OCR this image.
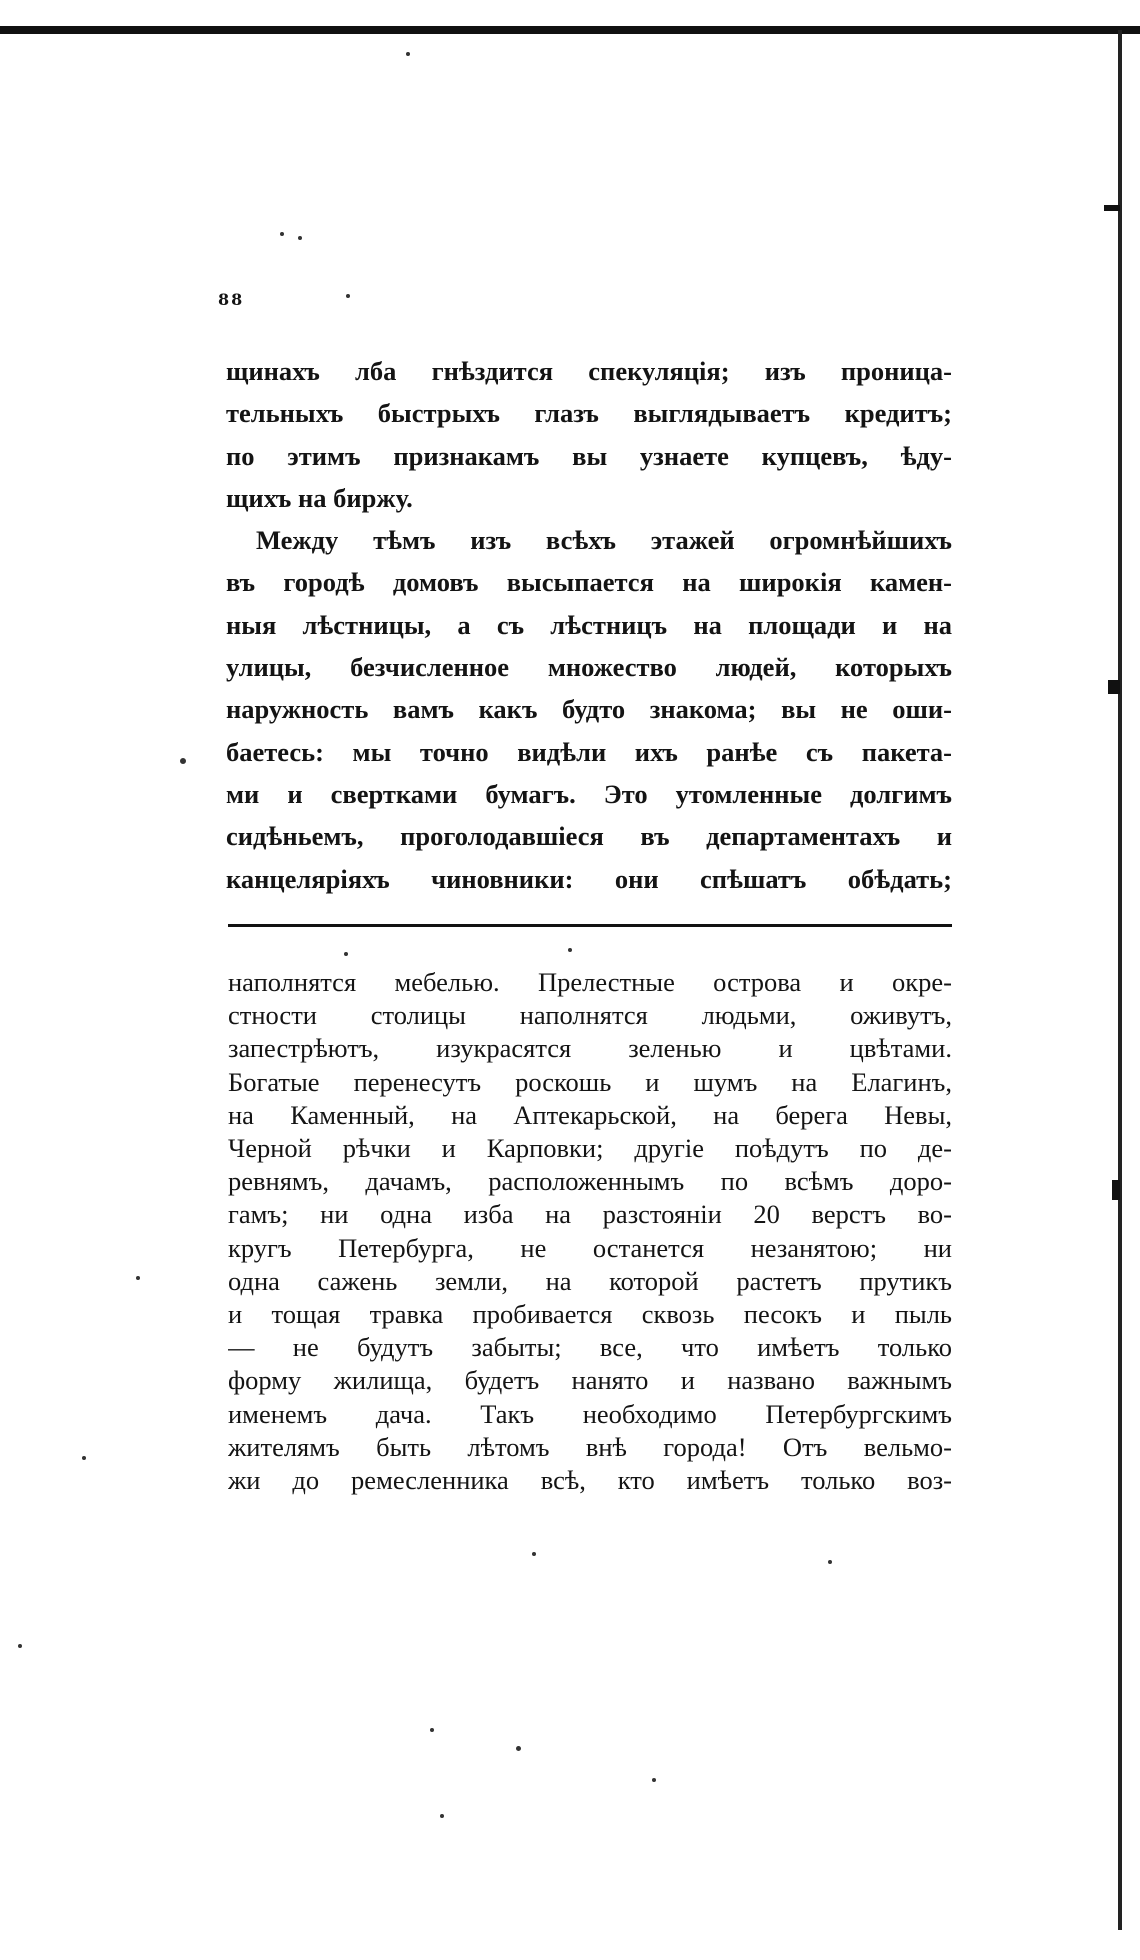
88
щинахъ лба гнѣздится спекуляція; изъ проница-
тельныхъ быстрыхъ глазъ выглядываетъ кредитъ;
по этимъ признакамъ вы узнаете купцевъ, ѣду-
щихъ на биржу.
Между тѣмъ изъ всѣхъ этажей огромнѣйшихъ
въ городѣ домовъ высыпается на широкія камен-
ныя лѣстницы, а съ лѣстницъ на площади и на
улицы, безчисленное множество людей, которыхъ
наружность вамъ какъ будто знакома; вы не оши-
баетесь: мы точно видѣли ихъ ранѣе съ пакета-
ми и свертками бумагъ. Это утомленные долгимъ
сидѣньемъ, проголодавшіеся въ департаментахъ и
канцеляріяхъ чиновники: они спѣшатъ обѣдать;
наполнятся мебелью. Прелестные острова и окре-
стности столицы наполнятся людьми, оживутъ,
запестрѣютъ, изукрасятся зеленью и цвѣтами.
Богатые перенесутъ роскошь и шумъ на Елагинъ,
на Каменный, на Аптекарьской, на берега Невы,
Черной рѣчки и Карповки; другіе поѣдутъ по де-
ревнямъ, дачамъ, расположеннымъ по всѣмъ доро-
гамъ; ни одна изба на разстояніи 20 верстъ во-
кругъ Петербурга, не останется незанятою; ни
одна сажень земли, на которой растетъ прутикъ
и тощая травка пробивается сквозь песокъ и пыль
— не будутъ забыты; все, что имѣетъ только
форму жилища, будетъ нанято и названо важнымъ
именемъ дача. Такъ необходимо Петербургскимъ
жителямъ быть лѣтомъ внѣ города! Отъ вельмо-
жи до ремесленника всѣ, кто имѣетъ только воз-
